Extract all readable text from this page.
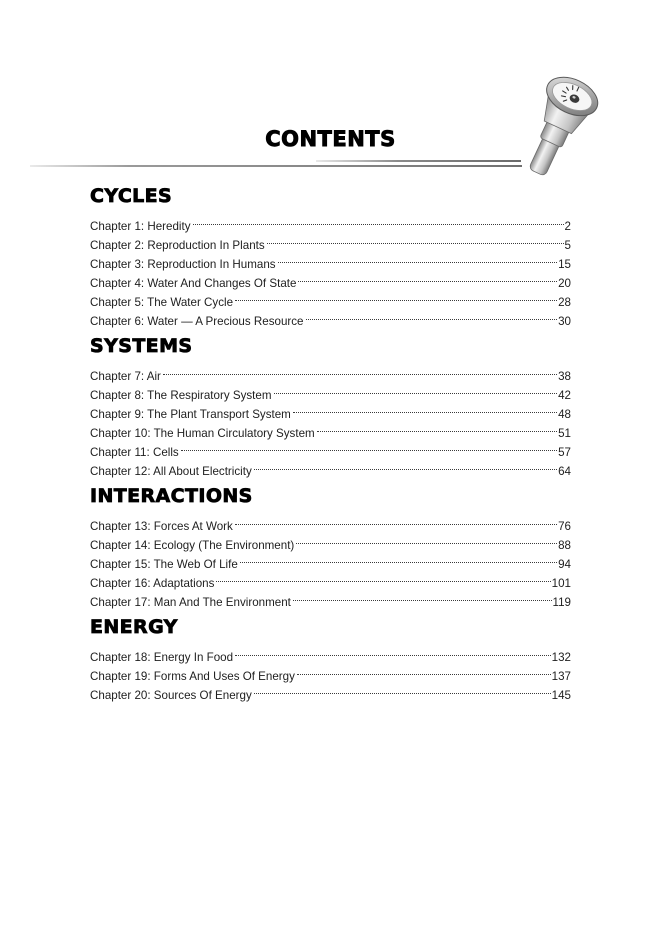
CONTENTS
CYCLES
Chapter 1: Heredity	2
Chapter 2: Reproduction In Plants	5
Chapter 3: Reproduction In Humans	15
Chapter 4: Water And Changes Of State	20
Chapter 5: The Water Cycle	28
Chapter 6: Water — A Precious Resource	30
SYSTEMS
Chapter 7: Air	38
Chapter 8: The Respiratory System	42
Chapter 9: The Plant Transport System	48
Chapter 10: The Human Circulatory System	51
Chapter 11: Cells	57
Chapter 12: All About Electricity	64
INTERACTIONS
Chapter 13: Forces At Work	76
Chapter 14: Ecology (The Environment)	88
Chapter 15: The Web Of Life	94
Chapter 16: Adaptations	101
Chapter 17: Man And The Environment	119
ENERGY
Chapter 18: Energy In Food	132
Chapter 19: Forms And Uses Of Energy	137
Chapter 20: Sources Of Energy	145
